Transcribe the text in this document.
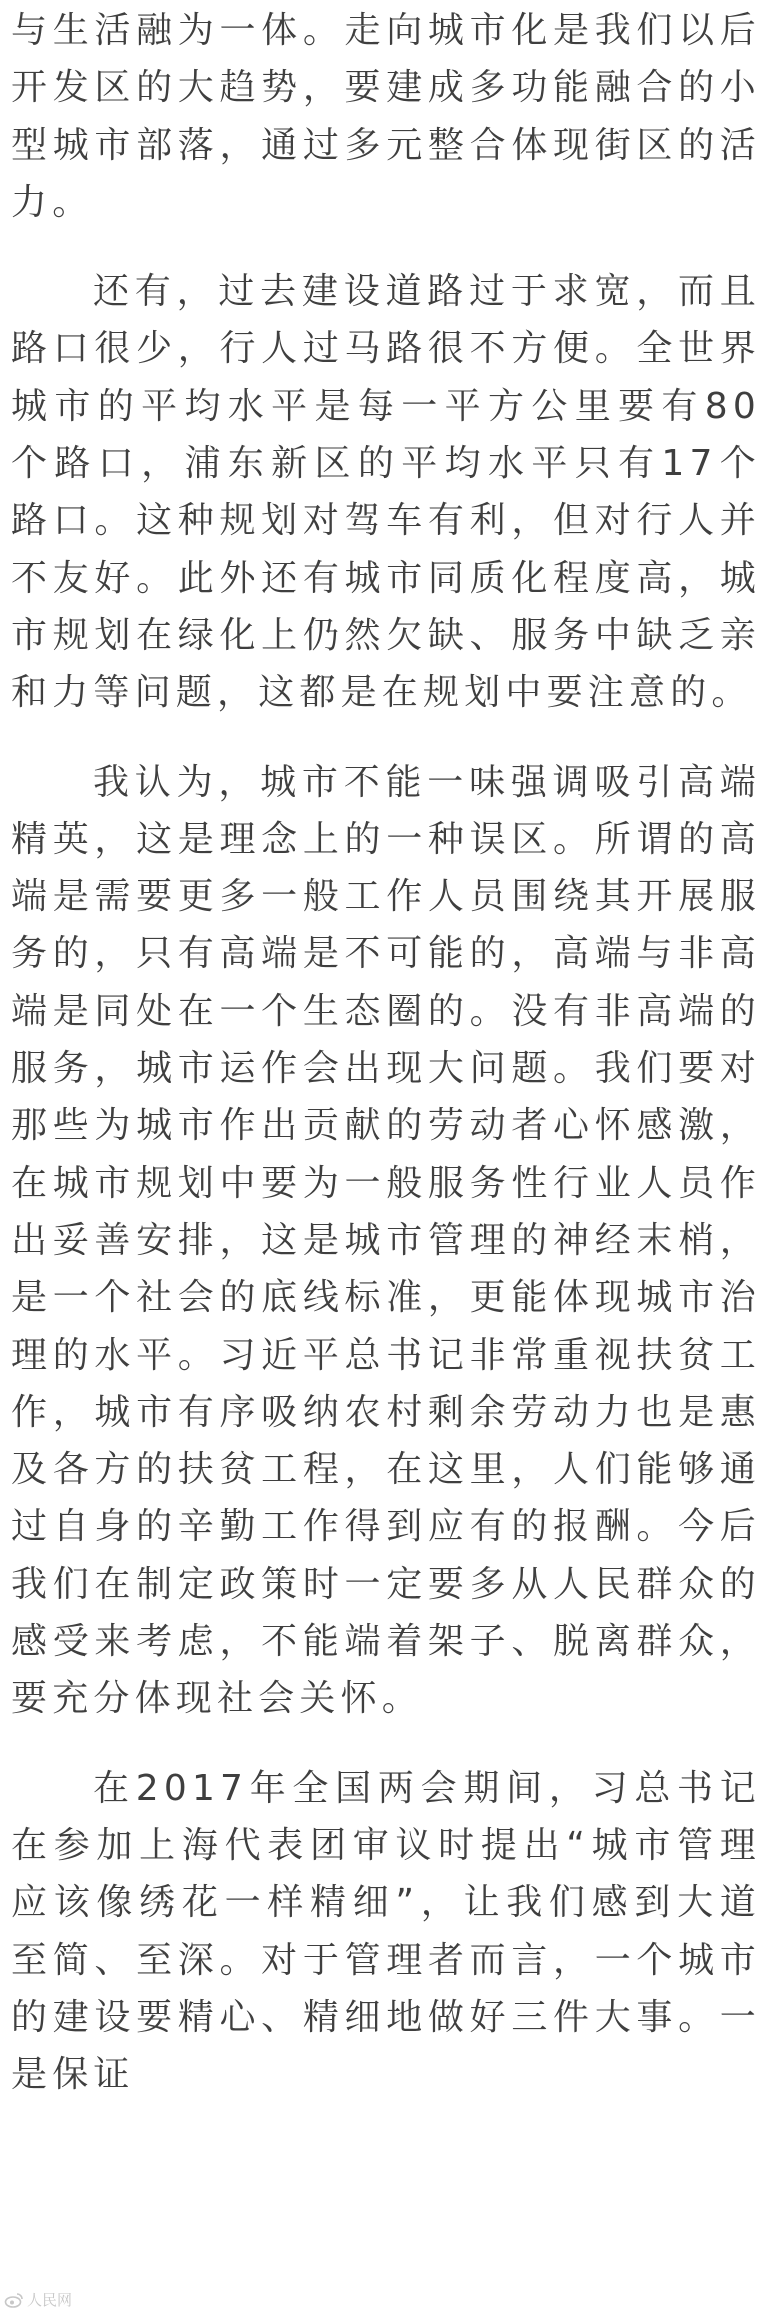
与生活融为一体。走向城市化是我们以后开发区的大趋势，要建成多功能融合的小型城市部落，通过多元整合体现街区的活力。

还有，过去建设道路过于求宽，而且路口很少，行人过马路很不方便。全世界城市的平均水平是每一平方公里要有80个路口，浦东新区的平均水平只有17个路口。这种规划对驾车有利，但对行人并不友好。此外还有城市同质化程度高，城市规划在绿化上仍然欠缺、服务中缺乏亲和力等问题，这都是在规划中要注意的。

我认为，城市不能一味强调吸引高端精英，这是理念上的一种误区。所谓的高端是需要更多一般工作人员围绕其开展服务的，只有高端是不可能的，高端与非高端是同处在一个生态圈的。没有非高端的服务，城市运作会出现大问题。我们要对那些为城市作出贡献的劳动者心怀感激，在城市规划中要为一般服务性行业人员作出妥善安排，这是城市管理的神经末梢，是一个社会的底线标准，更能体现城市治理的水平。习近平总书记非常重视扶贫工作，城市有序吸纳农村剩余劳动力也是惠及各方的扶贫工程，在这里，人们能够通过自身的辛勤工作得到应有的报酬。今后我们在制定政策时一定要多从人民群众的感受来考虑，不能端着架子、脱离群众，要充分体现社会关怀。

在2017年全国两会期间，习总书记在参加上海代表团审议时提出“城市管理应该像绣花一样精细”，让我们感到大道至简、至深。对于管理者而言，一个城市的建设要精心、精细地做好三件大事。一是保证

人民网
